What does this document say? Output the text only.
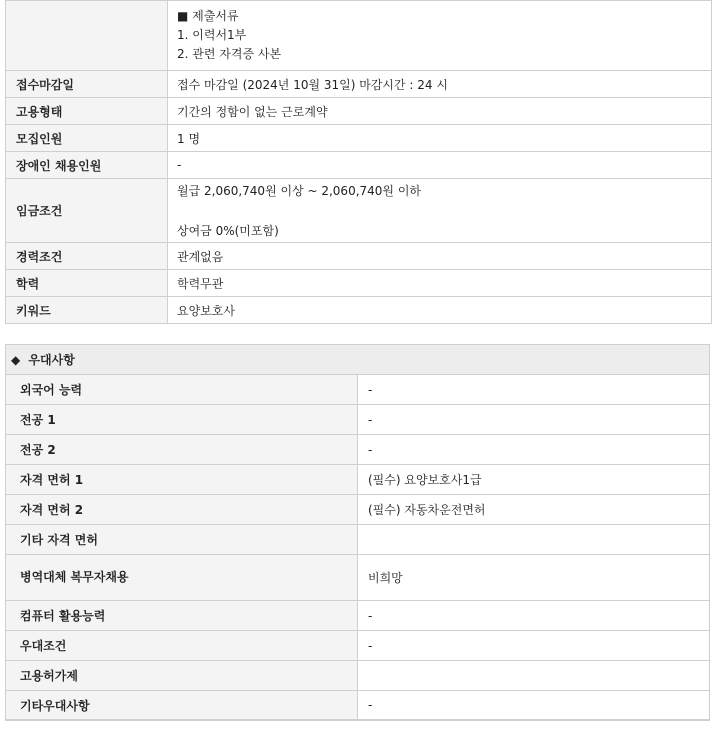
	■ 제출서류
1. 이력서1부
2. 관련 자격증 사본

접수마감일	접수 마감일 (2024년 10월 31일) 마감시간 : 24 시
고용형태	기간의 정함이 없는 근로계약
모집인원	1 명
장애인 채용인원	-
임금조건	월급 2,060,740원 이상 ~ 2,060,740원 이하
상여금 0%(미포함)

경력조건	관계없음
학력	학력무관
키워드	요양보호사
◆ 우대사항	
외국어 능력	-
전공 1	-
전공 2	-
자격 면허 1	(필수) 요양보호사1급
자격 면허 2	(필수) 자동차운전면허
기타 자격 면허	

병역대체 복무자채용	비희망
컴퓨터 활용능력	-
우대조건	-
고용허가제	
기타우대사항	-
